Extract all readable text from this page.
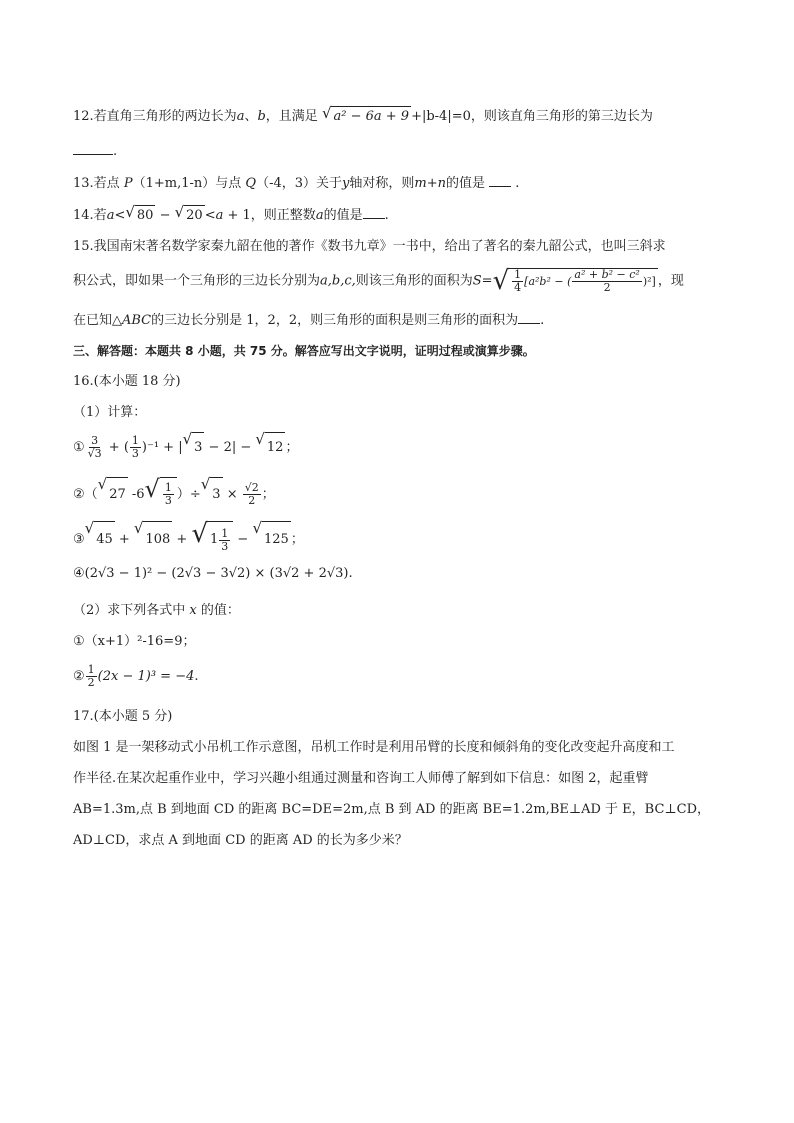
12.若直角三角形的两边长为a、b，且满足 √ a² − 6a + 9 +|b-4|=0，则该直角三角形的第三边长为
.
13.若点 P（1+m,1-n）与点 Q（-4，3）关于y轴对称，则m+n的值是 .
14.若a< √ 80 − √ 20 <a + 1，则正整数a的值是 .
15.我国南宋著名数学家秦九韶在他的著作《数书九章》一书中，给出了著名的秦九韶公式，也叫三斜求
积公式，即如果一个三角形的三边长分别为a,b,c,则该三角形的面积为S= √ $\frac{1}{4} [a^2b^2$ − ( $\frac{\text{a² + b² − c²}}{2} )^2$] ，现
在已知△ABC的三边长分别是 1，2，2，则三角形的面积是则三角形的面积为 .
三、解答题：本题共 8 小题，共 75 分。解答应写出文字说明，证明过程或演算步骤。
16.(本小题 18 分)
（1）计算：
① $\frac{3}{√3}$ + ( $\frac{1}{3} )^{-1}$ + | √ 3 − 2| − √ 12 ；
②（
√
27 -6 √ $\frac{1}{3}$ ）÷
√
$3 \times \frac{√2}{2}$ ；
③
√
45 +
√
108 + √ $1 \frac{1}{3}$ −
√
125 ；
④(2√3 − 1)² − (2√3 − 3√2) × (3√2 + 2√3).
（2）求下列各式中 x 的值：
①（x+1）²-16=9；
② $\frac{1}{2} (2x - 1)^3 = -4$.
17.(本小题 5 分)
如图 1 是一架移动式小吊机工作示意图，吊机工作时是利用吊臂的长度和倾斜角的变化改变起升高度和工
作半径.在某次起重作业中，学习兴趣小组通过测量和咨询工人师傅了解到如下信息：如图 2，起重臂
AB=1.3m,点 B 到地面 CD 的距离 BC=DE=2m,点 B 到 AD 的距离 BE=1.2m,BE⊥AD 于 E，BC⊥CD，
AD⊥CD，求点 A 到地面 CD 的距离 AD 的长为多少米？
